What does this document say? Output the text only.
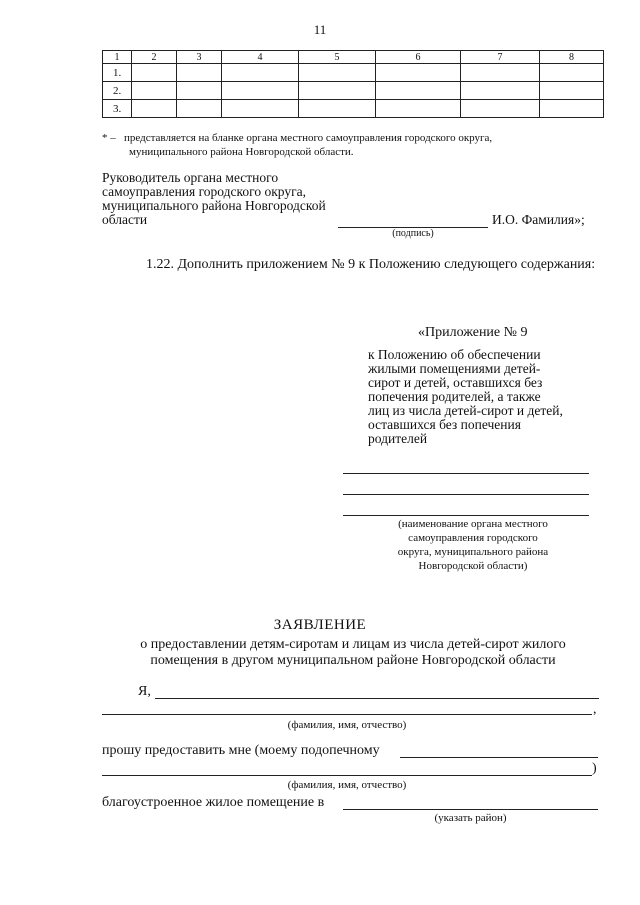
11
1	2	3	4	5	6	7	8
1.							
2.							
3.							
* – представляется на бланке органа местного самоуправления городского округа,
муниципального района Новгородской области.
Руководитель органа местного
самоуправления городского округа,
муниципального района Новгородской
области
(подпись)
И.О. Фамилия»;
1.22. Дополнить приложением № 9 к Положению следующего содержания:
«Приложение № 9
к Положению об обеспечении
жилыми помещениями детей-
сирот и детей, оставшихся без
попечения родителей, а также
лиц из числа детей-сирот и детей,
оставшихся без попечения
родителей
(наименование органа местного
самоуправления городского
округа, муниципального района
Новгородской области)
ЗАЯВЛЕНИЕ
о предоставлении детям-сиротам и лицам из числа детей-сирот жилого
помещения в другом муниципальном районе Новгородской области
Я,
,
(фамилия, имя, отчество)
прошу предоставить мне (моему подопечному
)
(фамилия, имя, отчество)
благоустроенное жилое помещение в
(указать район)
